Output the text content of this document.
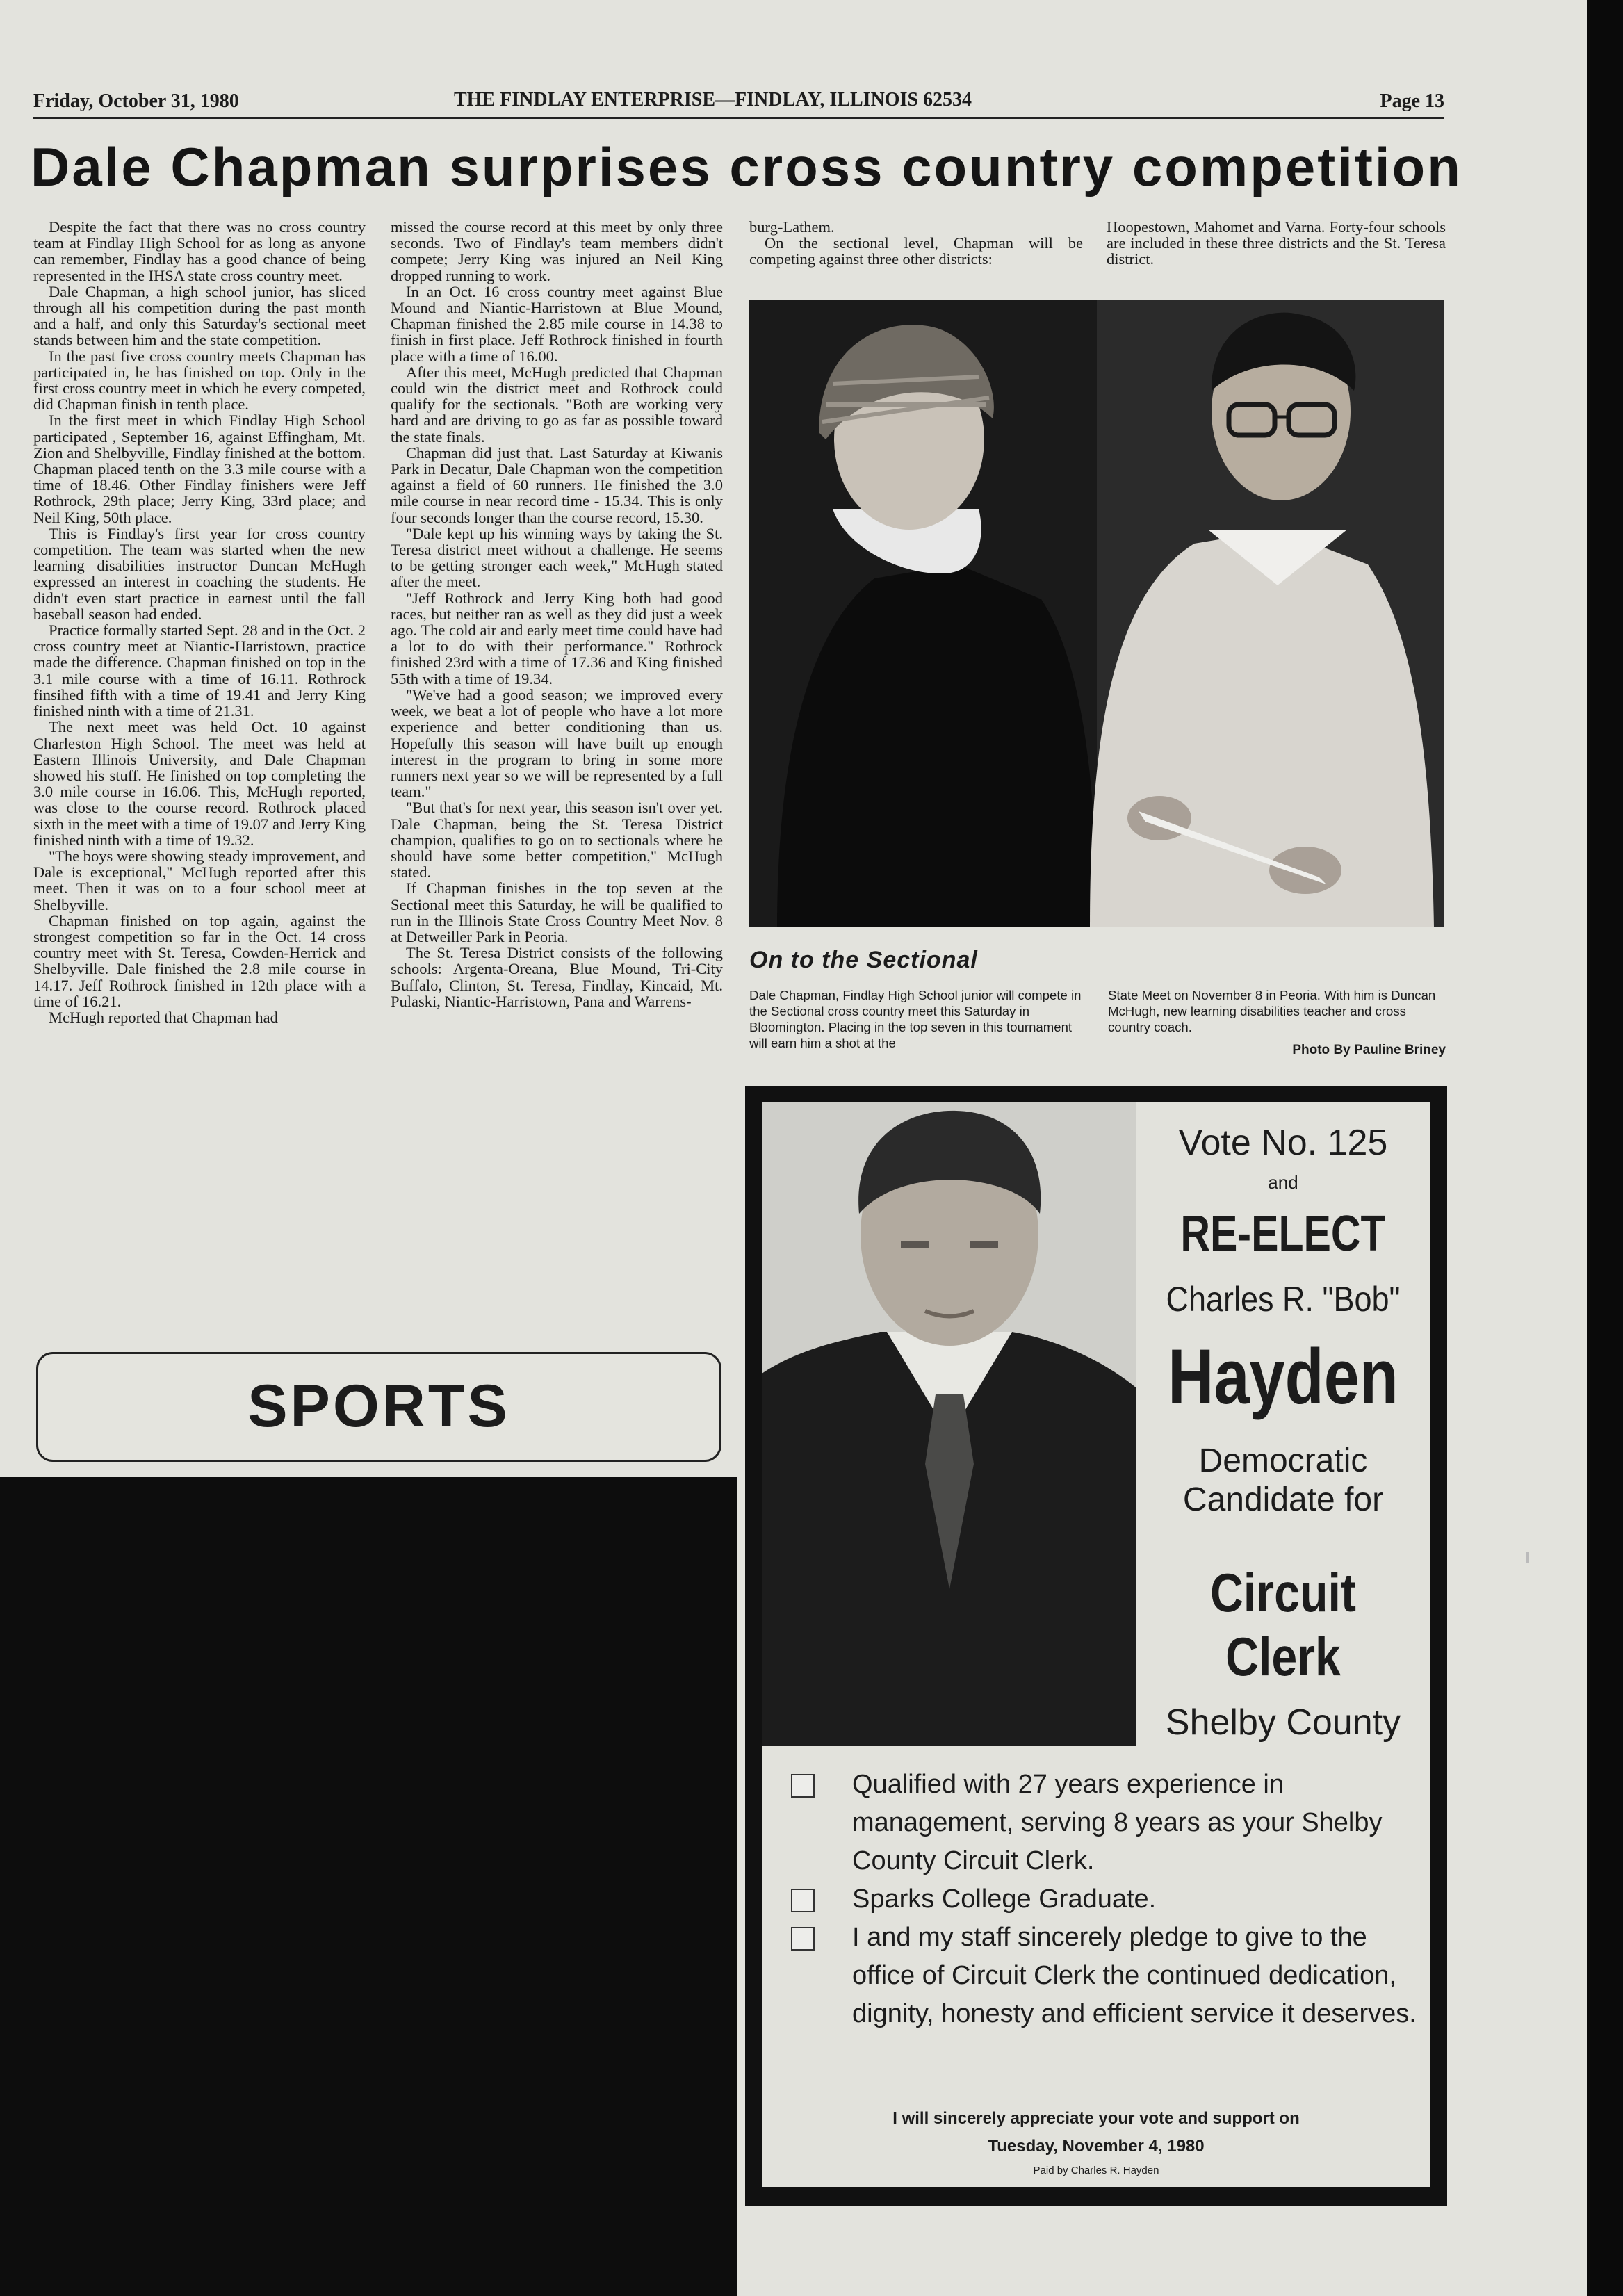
Friday, October 31, 1980	THE FINDLAY ENTERPRISE—FINDLAY, ILLINOIS 62534	Page 13
Dale Chapman surprises cross country competition

Despite the fact that there was no cross country team at Findlay High School for as long as anyone can remember, Findlay has a good chance of being represented in the IHSA state cross country meet.

Dale Chapman, a high school junior, has sliced through all his competition during the past month and a half, and only this Saturday's sectional meet stands between him and the state competition.

In the past five cross country meets Chapman has participated in, he has finished on top. Only in the first cross country meet in which he every competed, did Chapman finish in tenth place.

In the first meet in which Findlay High School participated , September 16, against Effingham, Mt. Zion and Shelbyville, Findlay finished at the bottom. Chapman placed tenth on the 3.3 mile course with a time of 18.46. Other Findlay finishers were Jeff Rothrock, 29th place; Jerry King, 33rd place; and Neil King, 50th place.

This is Findlay's first year for cross country competition. The team was started when the new learning disabilities instructor Duncan McHugh expressed an interest in coaching the students. He didn't even start practice in earnest until the fall baseball season had ended.

Practice formally started Sept. 28 and in the Oct. 2 cross country meet at Niantic-Harristown, practice made the difference. Chapman finished on top in the 3.1 mile course with a time of 16.11. Rothrock finsihed fifth with a time of 19.41 and Jerry King finished ninth with a time of 21.31.

The next meet was held Oct. 10 against Charleston High School. The meet was held at Eastern Illinois University, and Dale Chapman showed his stuff. He finished on top completing the 3.0 mile course in 16.06. This, McHugh reported, was close to the course record. Rothrock placed sixth in the meet with a time of 19.07 and Jerry King finished ninth with a time of 19.32.

"The boys were showing steady improvement, and Dale is exceptional," McHugh reported after this meet. Then it was on to a four school meet at Shelbyville.

Chapman finished on top again, against the strongest competition so far in the Oct. 14 cross country meet with St. Teresa, Cowden-Herrick and Shelbyville. Dale finished the 2.8 mile course in 14.17. Jeff Rothrock finished in 12th place with a time of 16.21.

McHugh reported that Chapman had

missed the course record at this meet by only three seconds. Two of Findlay's team members didn't compete; Jerry King was injured an Neil King dropped running to work.

In an Oct. 16 cross country meet against Blue Mound and Niantic-Harristown at Blue Mound, Chapman finished the 2.85 mile course in 14.38 to finish in first place. Jeff Rothrock finished in fourth place with a time of 16.00.

After this meet, McHugh predicted that Chapman could win the district meet and Rothrock could qualify for the sectionals. "Both are working very hard and are driving to go as far as possible toward the state finals.

Chapman did just that. Last Saturday at Kiwanis Park in Decatur, Dale Chapman won the competition against a field of 60 runners. He finished the 3.0 mile course in near record time - 15.34. This is only four seconds longer than the course record, 15.30.

"Dale kept up his winning ways by taking the St. Teresa district meet without a challenge. He seems to be getting stronger each week," McHugh stated after the meet.

"Jeff Rothrock and Jerry King both had good races, but neither ran as well as they did just a week ago. The cold air and early meet time could have had a lot to do with their performance." Rothrock finished 23rd with a time of 17.36 and King finished 55th with a time of 19.34.

"We've had a good season; we improved every week, we beat a lot of people who have a lot more experience and better conditioning than us. Hopefully this season will have built up enough interest in the program to bring in some more runners next year so we will be represented by a full team."

"But that's for next year, this season isn't over yet. Dale Chapman, being the St. Teresa District champion, qualifies to go on to sectionals where he should have some better competition," McHugh stated.

If Chapman finishes in the top seven at the Sectional meet this Saturday, he will be qualified to run in the Illinois State Cross Country Meet Nov. 8 at Detweiller Park in Peoria.

The St. Teresa District consists of the following schools: Argenta-Oreana, Blue Mound, Tri-City Buffalo, Clinton, St. Teresa, Findlay, Kincaid, Mt. Pulaski, Niantic-Harristown, Pana and Warrens-

burg-Lathem.

On the sectional level, Chapman will be competing against three other districts:

Hoopestown, Mahomet and Varna. Forty-four schools are included in these three districts and the St. Teresa district.

On to the Sectional
Dale Chapman, Findlay High School junior will compete in the Sectional cross country meet this Saturday in Bloomington. Placing in the top seven in this tournament will earn him a shot at the
State Meet on November 8 in Peoria. With him is Duncan McHugh, new learning disabilities teacher and cross country coach.
Photo By Pauline Briney
SPORTS
Vote No. 125
and
RE-ELECT
Charles R. "Bob"
Hayden
Democratic
Candidate for
Circuit
Clerk
Shelby County

Qualified with 27 years experience in management, serving 8 years as your Shelby County Circuit Clerk.

Sparks College Graduate.

I and my staff sincerely pledge to give to the office of Circuit Clerk the continued dedication, dignity, honesty and efficient service it deserves.

I will sincerely appreciate your vote and support on
Tuesday, November 4, 1980
Paid by Charles R. Hayden
